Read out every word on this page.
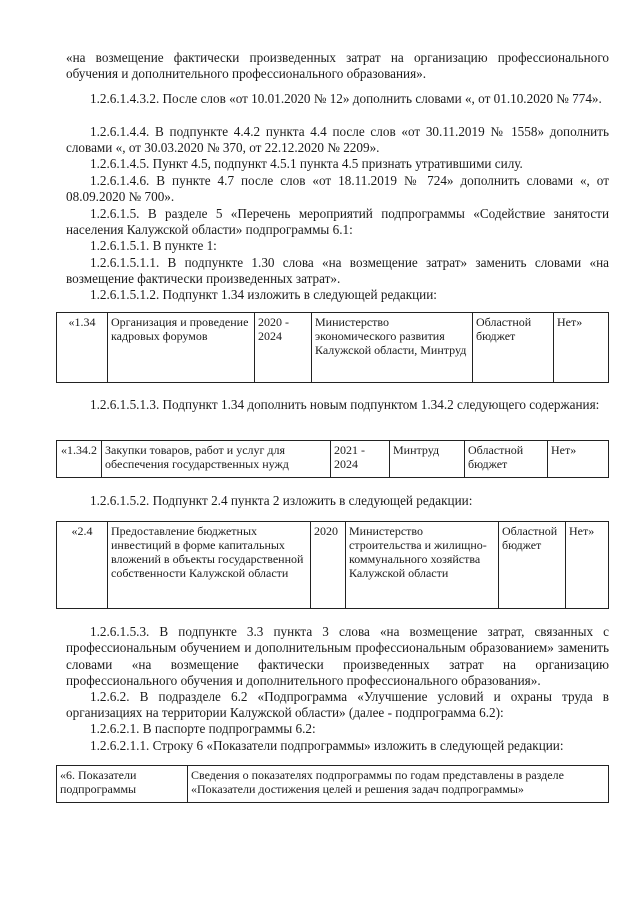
«на возмещение фактически произведенных затрат на организацию профессионального обучения и дополнительного профессионального образования».
1.2.6.1.4.3.2. После слов «от 10.01.2020 № 12» дополнить словами «, от 01.10.2020 № 774».
1.2.6.1.4.4. В подпункте 4.4.2 пункта 4.4 после слов «от 30.11.2019 № 1558» дополнить словами «, от 30.03.2020 № 370, от 22.12.2020 № 2209».
1.2.6.1.4.5. Пункт 4.5, подпункт 4.5.1 пункта 4.5 признать утратившими силу.
1.2.6.1.4.6. В пункте 4.7 после слов «от 18.11.2019 № 724» дополнить словами «, от 08.09.2020 № 700».
1.2.6.1.5. В разделе 5 «Перечень мероприятий подпрограммы «Содействие занятости населения Калужской области» подпрограммы 6.1:
1.2.6.1.5.1. В пункте 1:
1.2.6.1.5.1.1. В подпункте 1.30 слова «на возмещение затрат» заменить словами «на возмещение фактически произведенных затрат».
1.2.6.1.5.1.2. Подпункт 1.34 изложить в следующей редакции:
«1.34	Организация и проведение кадровых форумов	2020 - 2024	Министерство экономического развития Калужской области, Минтруд	Областной бюджет	Нет»
1.2.6.1.5.1.3. Подпункт 1.34 дополнить новым подпунктом 1.34.2 следующего содержания:
«1.34.2	Закупки товаров, работ и услуг для обеспечения государственных нужд	2021 - 2024	Минтруд	Областной бюджет	Нет»
1.2.6.1.5.2. Подпункт 2.4 пункта 2 изложить в следующей редакции:
«2.4	Предоставление бюджетных инвестиций в форме капитальных вложений в объекты государственной собственности Калужской области	2020	Министерство строительства и жилищно-коммунального хозяйства Калужской области	Областной бюджет	Нет»
1.2.6.1.5.3. В подпункте 3.3 пункта 3 слова «на возмещение затрат, связанных с профессиональным обучением и дополнительным профессиональным образованием» заменить словами «на возмещение фактически произведенных затрат на организацию профессионального обучения и дополнительного профессионального образования».
1.2.6.2. В подразделе 6.2 «Подпрограмма «Улучшение условий и охраны труда в организациях на территории Калужской области» (далее - подпрограмма 6.2):
1.2.6.2.1. В паспорте подпрограммы 6.2:
1.2.6.2.1.1. Строку 6 «Показатели подпрограммы» изложить в следующей редакции:
«6. Показатели подпрограммы	Сведения о показателях подпрограммы по годам представлены в разделе «Показатели достижения целей и решения задач подпрограммы»
